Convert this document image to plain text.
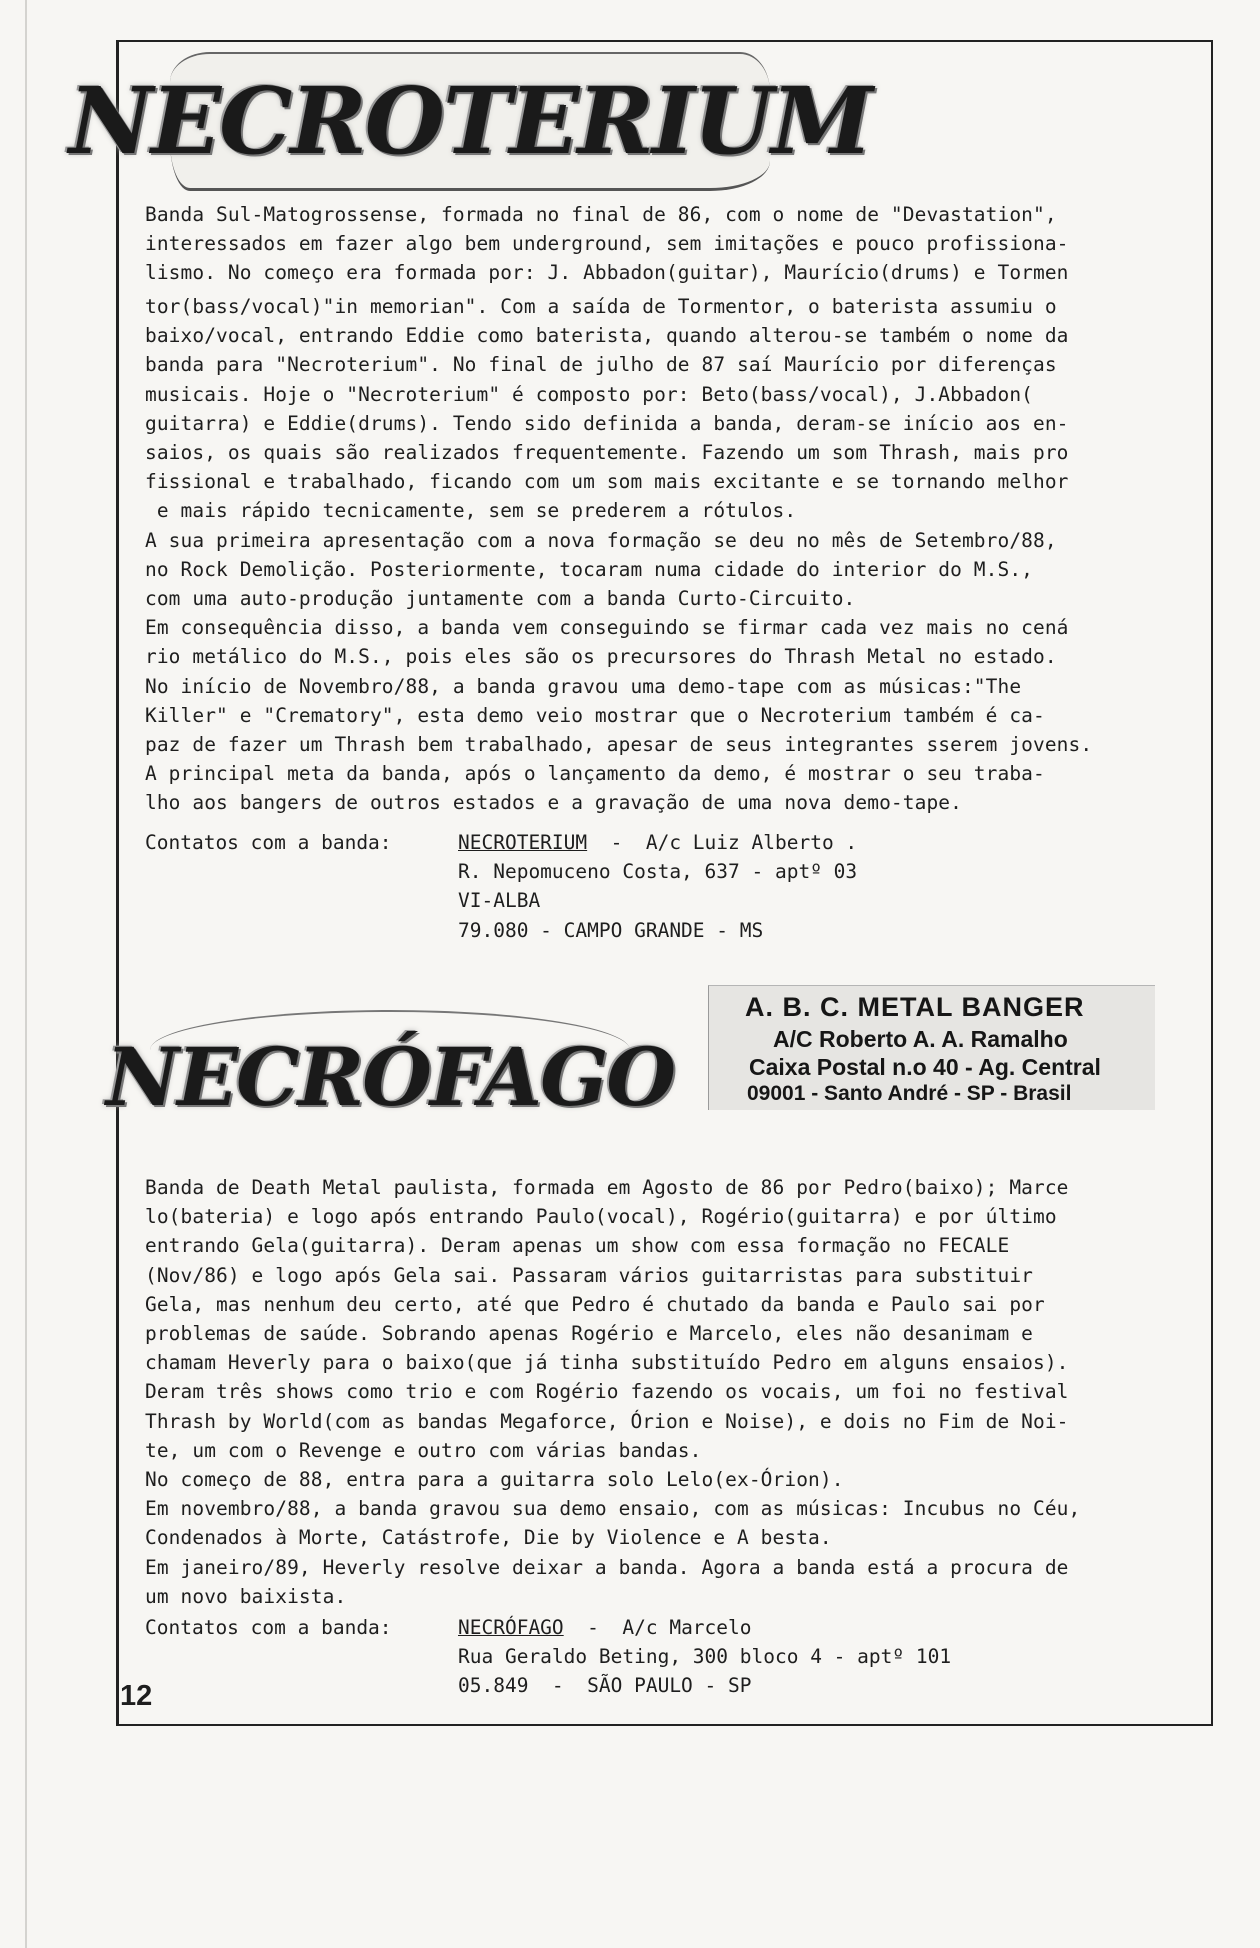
NECROTERIUM

Banda Sul-Matogrossense, formada no final de 86, com o nome de "Devastation",
interessados em fazer algo bem underground, sem imitações e pouco profissiona-
lismo. No começo era formada por: J. Abbadon(guitar), Maurício(drums) e Tormen

tor(bass/vocal)"in memorian". Com a saída de Tormentor, o baterista assumiu o
baixo/vocal, entrando Eddie como baterista, quando alterou-se também o nome da
banda para "Necroterium". No final de julho de 87 saí Maurício por diferenças
musicais. Hoje o "Necroterium" é composto por: Beto(bass/vocal), J.Abbadon(
guitarra) e Eddie(drums). Tendo sido definida a banda, deram-se início aos en-
saios, os quais são realizados frequentemente. Fazendo um som Thrash, mais pro
fissional e trabalhado, ficando com um som mais excitante e se tornando melhor
e mais rápido tecnicamente, sem se prederem a rótulos.
A sua primeira apresentação com a nova formação se deu no mês de Setembro/88,
no Rock Demolição. Posteriormente, tocaram numa cidade do interior do M.S.,
com uma auto-produção juntamente com a banda Curto-Circuito.
Em consequência disso, a banda vem conseguindo se firmar cada vez mais no cená
rio metálico do M.S., pois eles são os precursores do Thrash Metal no estado.
No início de Novembro/88, a banda gravou uma demo-tape com as músicas:"The
Killer" e "Crematory", esta demo veio mostrar que o Necroterium também é ca-
paz de fazer um Thrash bem trabalhado, apesar de seus integrantes sserem jovens.
A principal meta da banda, após o lançamento da demo, é mostrar o seu traba-
lho aos bangers de outros estados e a gravação de uma nova demo-tape.

Contatos com a banda:	NECROTERIUM  -  A/c Luiz Alberto .
R. Nepomuceno Costa, 637 - aptº 03
VI-ALBA
79.080 - CAMPO GRANDE - MS
NECRÓFAGO
A. B. C. METAL BANGER
A/C Roberto A. A. Ramalho
Caixa Postal n.o 40 - Ag. Central
09001 - Santo André - SP - Brasil

Banda de Death Metal paulista, formada em Agosto de 86 por Pedro(baixo); Marce
lo(bateria) e logo após entrando Paulo(vocal), Rogério(guitarra) e por último
entrando Gela(guitarra). Deram apenas um show com essa formação no FECALE
(Nov/86) e logo após Gela sai. Passaram vários guitarristas para substituir
Gela, mas nenhum deu certo, até que Pedro é chutado da banda e Paulo sai por
problemas de saúde. Sobrando apenas Rogério e Marcelo, eles não desanimam e
chamam Heverly para o baixo(que já tinha substituído Pedro em alguns ensaios).
Deram três shows como trio e com Rogério fazendo os vocais, um foi no festival
Thrash by World(com as bandas Megaforce, Órion e Noise), e dois no Fim de Noi-
te, um com o Revenge e outro com várias bandas.
No começo de 88, entra para a guitarra solo Lelo(ex-Órion).
Em novembro/88, a banda gravou sua demo ensaio, com as músicas: Incubus no Céu,
Condenados à Morte, Catástrofe, Die by Violence e A besta.
Em janeiro/89, Heverly resolve deixar a banda. Agora a banda está a procura de
um novo baixista.

Contatos com a banda:	NECRÓFAGO  -  A/c Marcelo
Rua Geraldo Beting, 300 bloco 4 - aptº 101
05.849  -  SÃO PAULO - SP
12
